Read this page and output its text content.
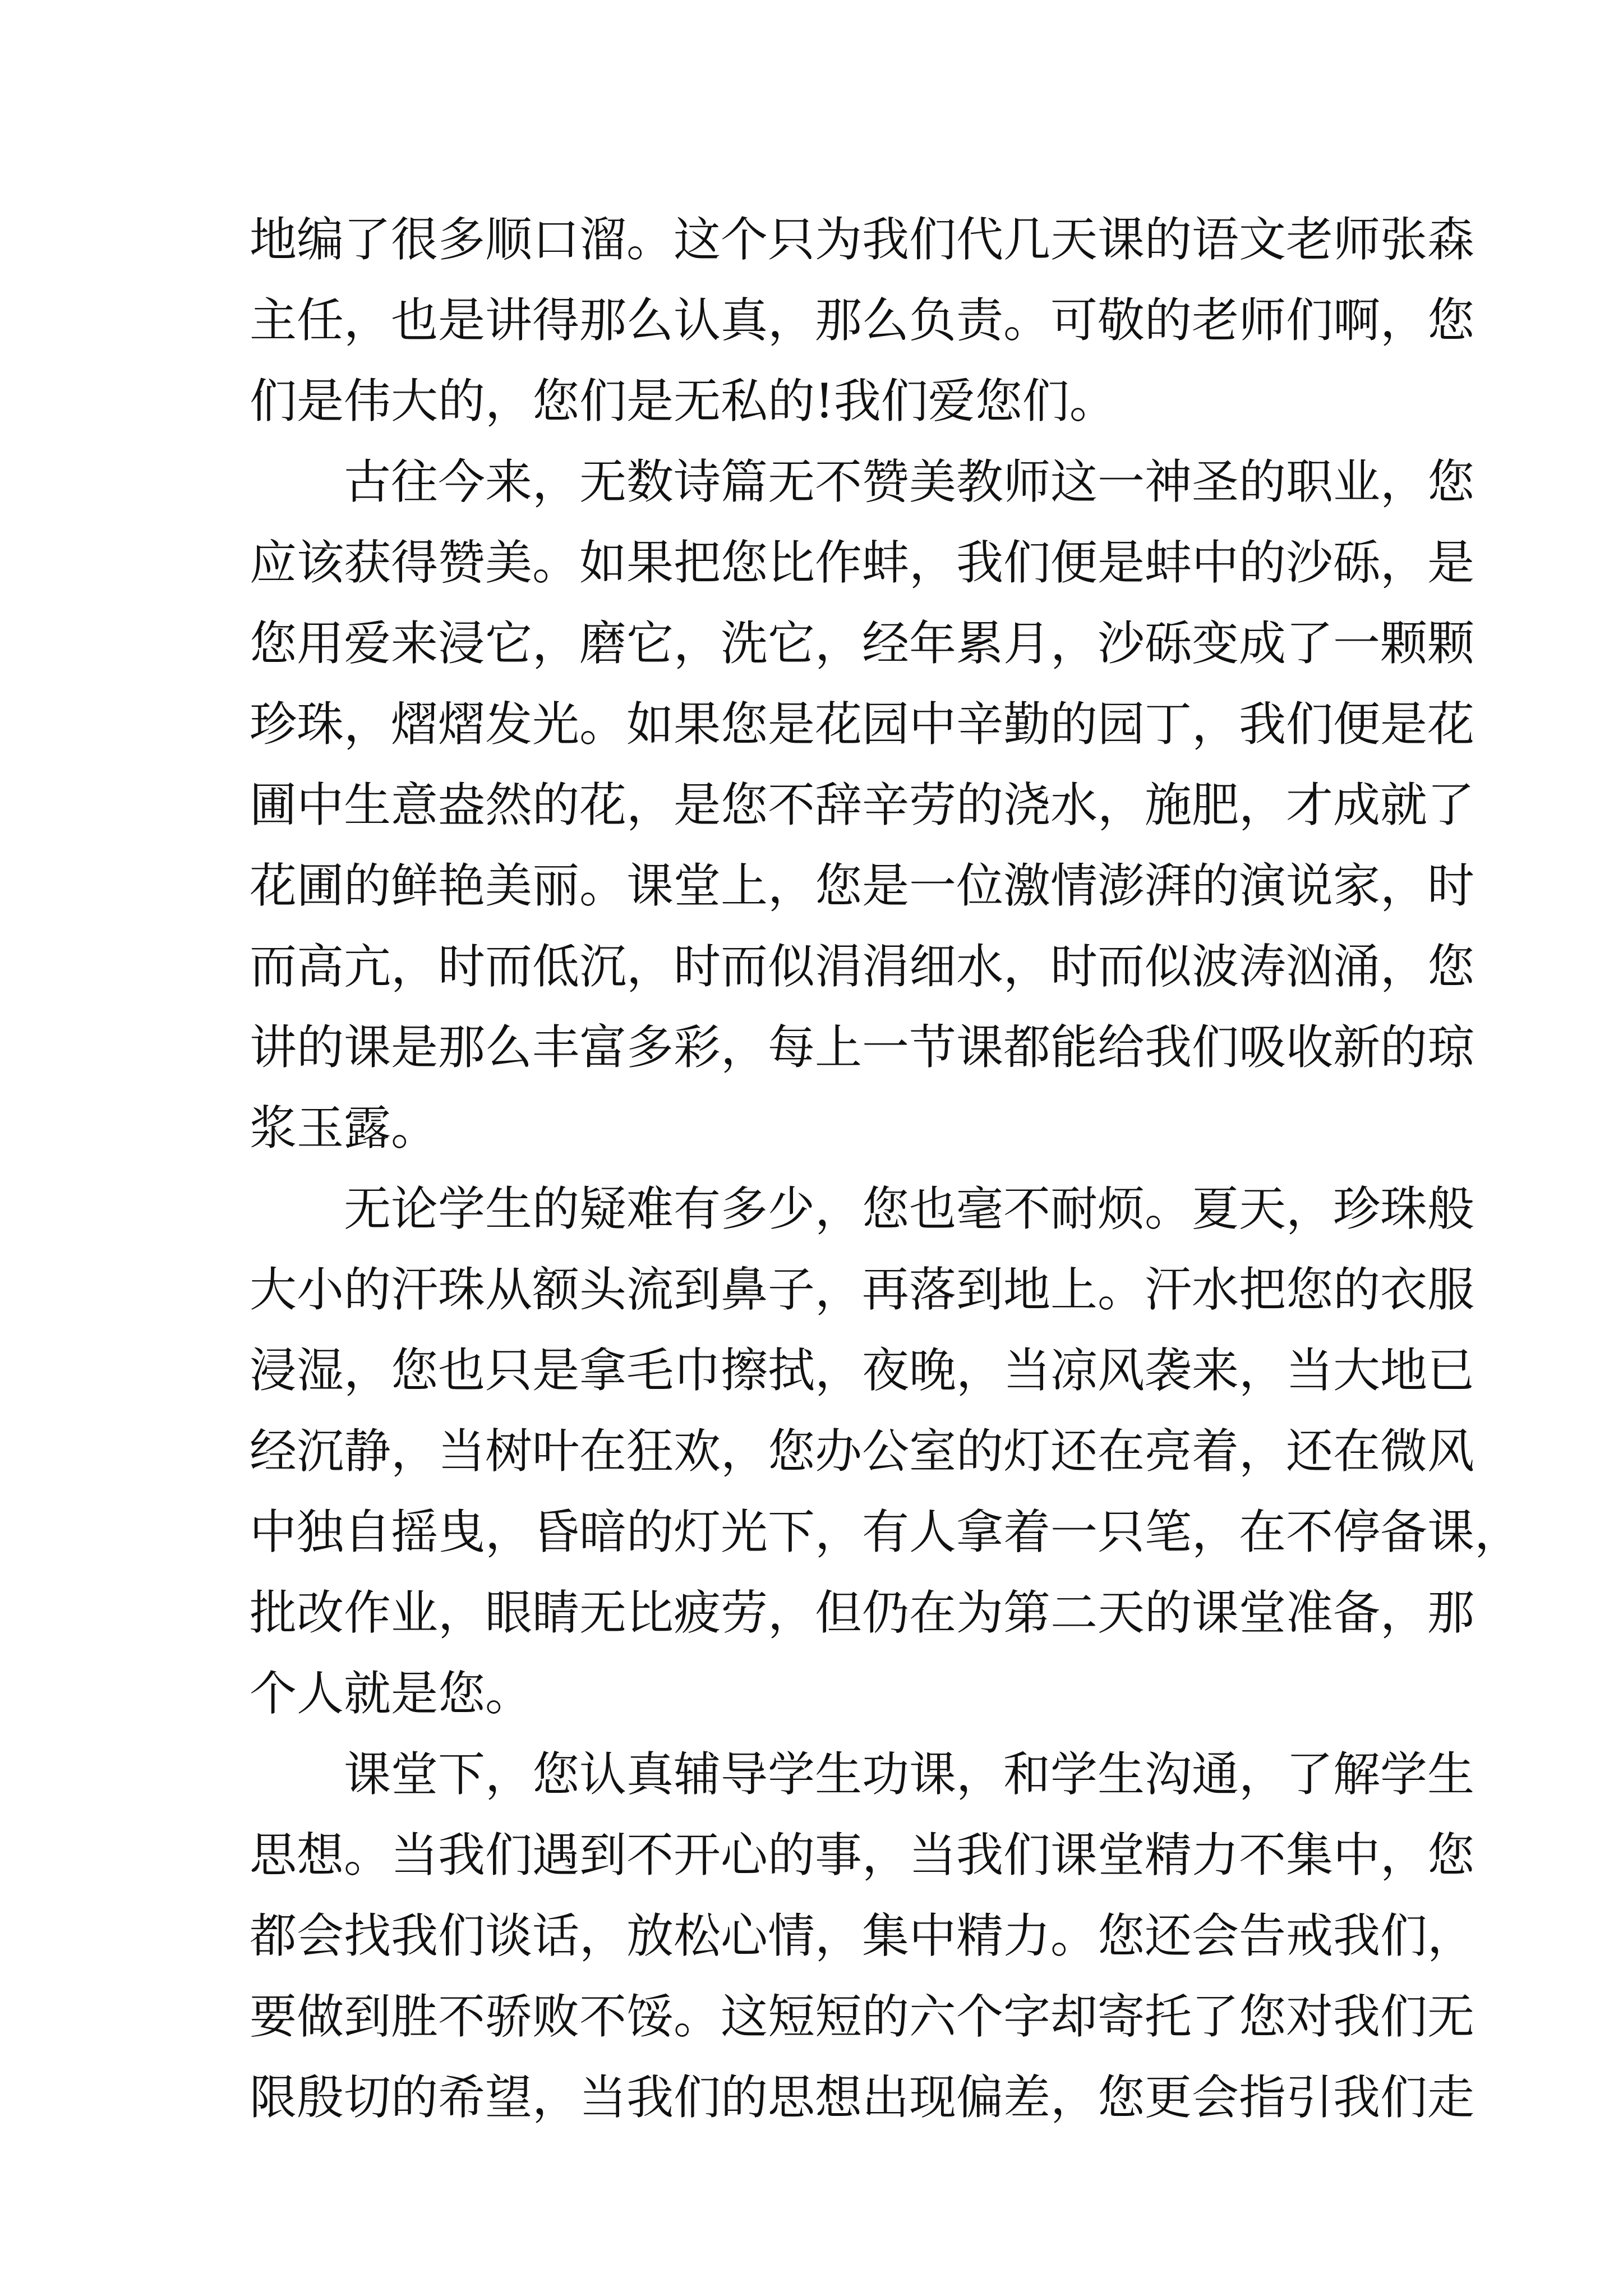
地编了很多顺口溜。这个只为我们代几天课的语文老师张森
主任，也是讲得那么认真，那么负责。可敬的老师们啊，您
们是伟大的，您们是无私的!我们爱您们。
古往今来，无数诗篇无不赞美教师这一神圣的职业，您
应该获得赞美。如果把您比作蚌，我们便是蚌中的沙砾，是
您用爱来浸它，磨它，洗它，经年累月，沙砾变成了一颗颗
珍珠，熠熠发光。如果您是花园中辛勤的园丁，我们便是花
圃中生意盎然的花，是您不辞辛劳的浇水，施肥，才成就了
花圃的鲜艳美丽。课堂上，您是一位激情澎湃的演说家，时
而高亢，时而低沉，时而似涓涓细水，时而似波涛汹涌，您
讲的课是那么丰富多彩，每上一节课都能给我们吸收新的琼
浆玉露。
无论学生的疑难有多少，您也毫不耐烦。夏天，珍珠般
大小的汗珠从额头流到鼻子，再落到地上。汗水把您的衣服
浸湿，您也只是拿毛巾擦拭，夜晚，当凉风袭来，当大地已
经沉静，当树叶在狂欢，您办公室的灯还在亮着，还在微风
中独自摇曳，昏暗的灯光下，有人拿着一只笔，在不停备课，
批改作业，眼睛无比疲劳，但仍在为第二天的课堂准备，那
个人就是您。
课堂下，您认真辅导学生功课，和学生沟通，了解学生
思想。当我们遇到不开心的事，当我们课堂精力不集中，您
都会找我们谈话，放松心情，集中精力。您还会告戒我们，
要做到胜不骄败不馁。这短短的六个字却寄托了您对我们无
限殷切的希望，当我们的思想出现偏差，您更会指引我们走
